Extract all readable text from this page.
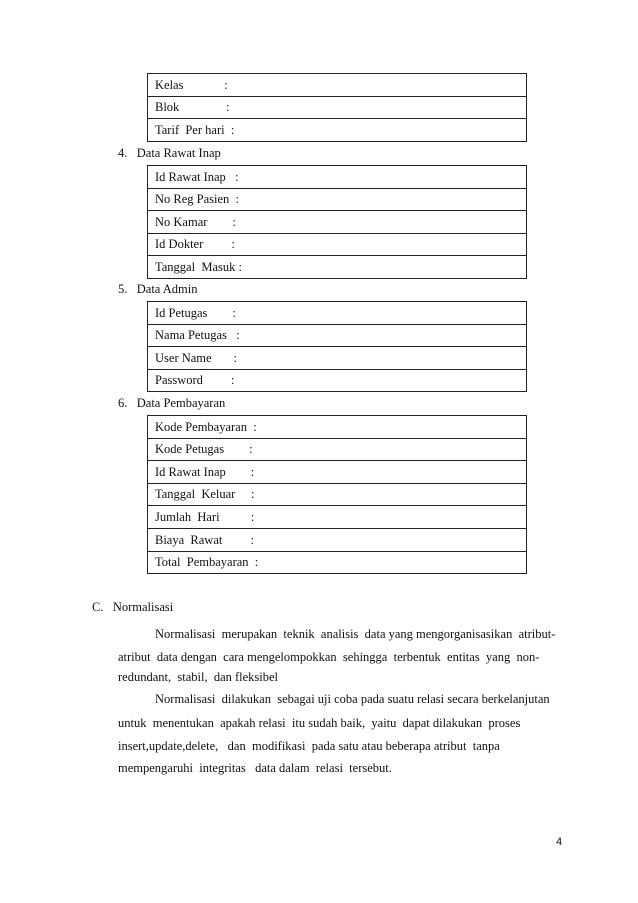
Kelas             :
Blok               :
Tarif  Per hari  :
4.   Data Rawat Inap
Id Rawat Inap   :
No Reg Pasien  :
No Kamar        :
Id Dokter         :
Tanggal  Masuk :
5.   Data Admin
Id Petugas        :
Nama Petugas   :
User Name       :
Password         :
6.   Data Pembayaran
Kode Pembayaran  :
Kode Petugas        :
Id Rawat Inap        :
Tanggal  Keluar     :
Jumlah  Hari          :
Biaya  Rawat         :
Total  Pembayaran  :
C.   Normalisasi
Normalisasi  merupakan  teknik  analisis  data yang mengorganisasikan  atribut-
atribut  data dengan  cara mengelompokkan  sehingga  terbentuk  entitas  yang  non-
redundant,  stabil,  dan fleksibel
Normalisasi  dilakukan  sebagai uji coba pada suatu relasi secara berkelanjutan
untuk  menentukan  apakah relasi  itu sudah baik,  yaitu  dapat dilakukan  proses
insert,update,delete,   dan  modifikasi  pada satu atau beberapa atribut  tanpa
mempengaruhi  integritas   data dalam  relasi  tersebut.
4
